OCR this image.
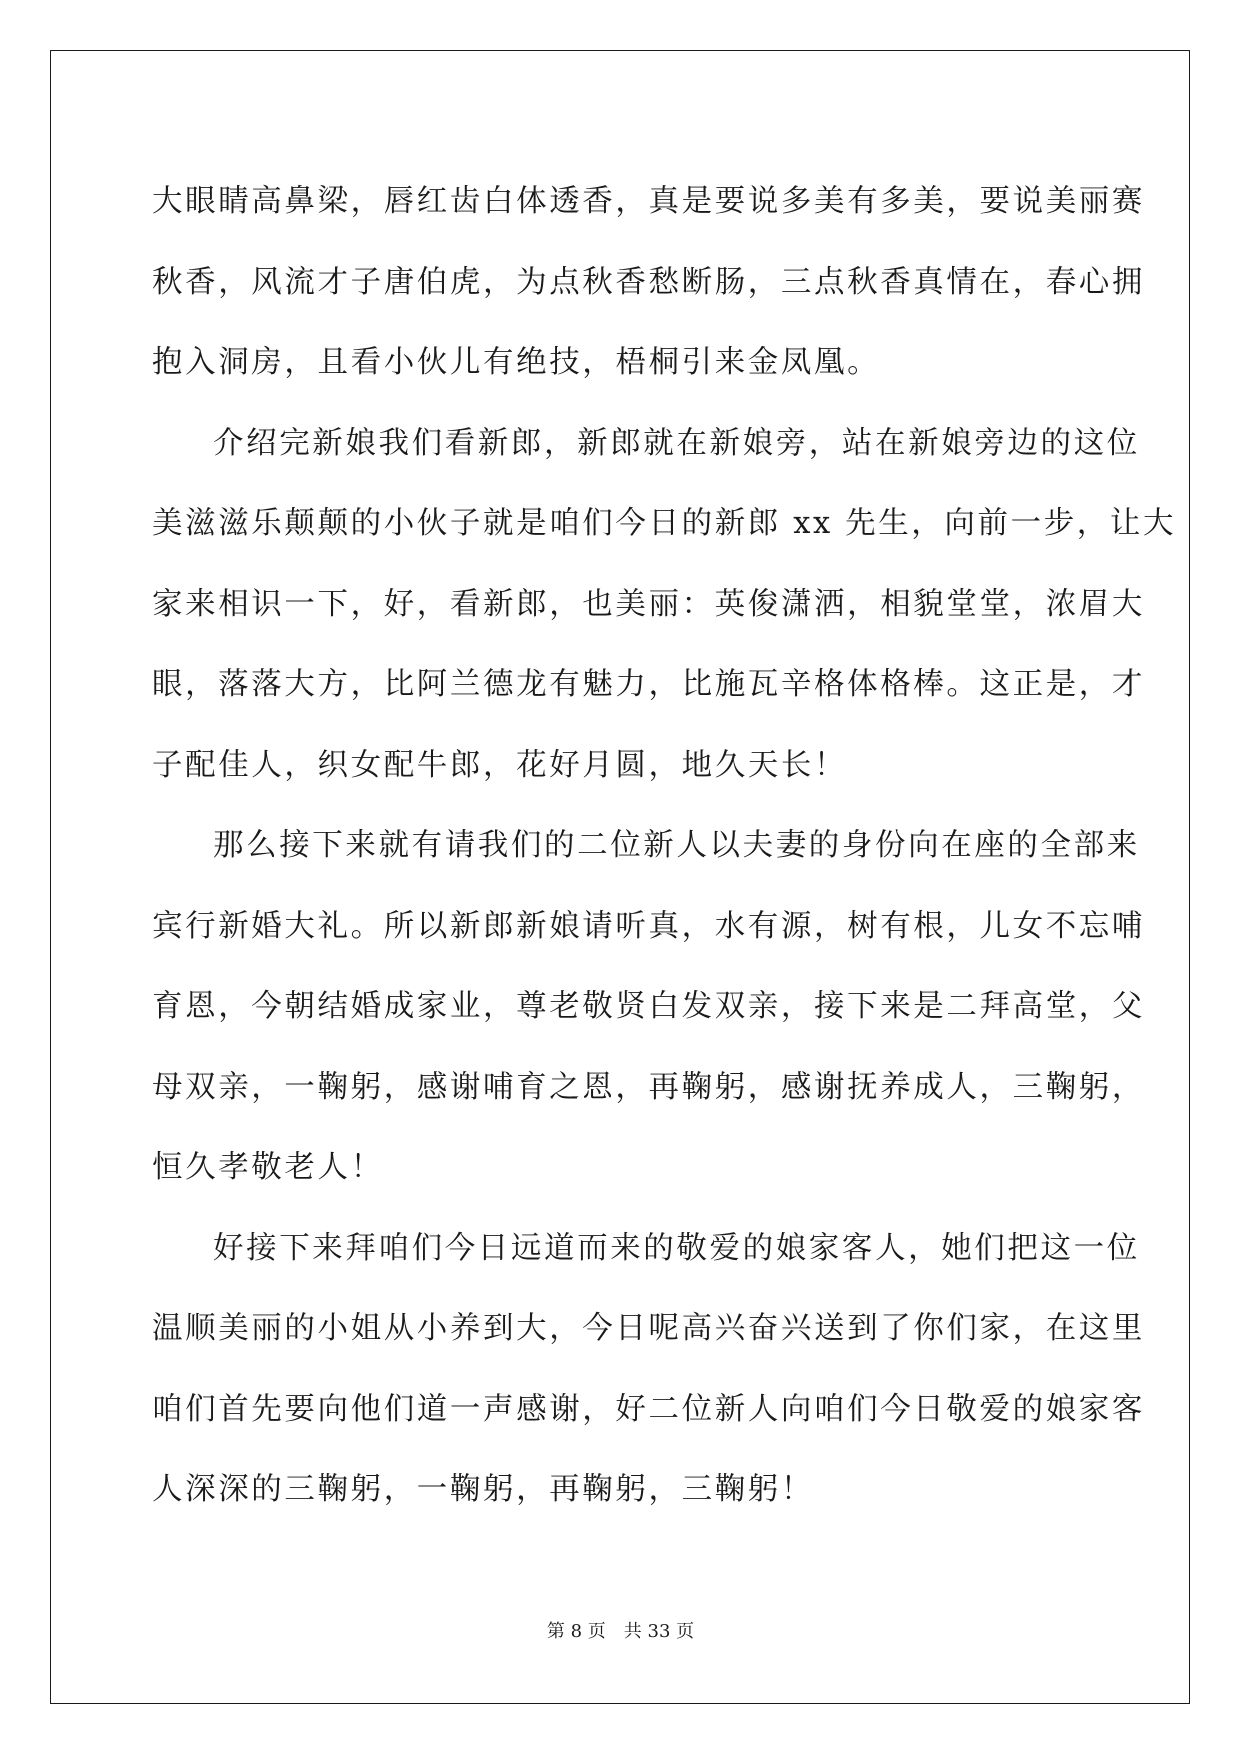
大眼睛高鼻梁，唇红齿白体透香，真是要说多美有多美，要说美丽赛
秋香，风流才子唐伯虎，为点秋香愁断肠，三点秋香真情在，春心拥
抱入洞房，且看小伙儿有绝技，梧桐引来金凤凰。

介绍完新娘我们看新郎，新郎就在新娘旁，站在新娘旁边的这位
美滋滋乐颠颠的小伙子就是咱们今日的新郎 xx 先生，向前一步，让大
家来相识一下，好，看新郎，也美丽：英俊潇洒，相貌堂堂，浓眉大
眼，落落大方，比阿兰德龙有魅力，比施瓦辛格体格棒。这正是，才
子配佳人，织女配牛郎，花好月圆，地久天长！

那么接下来就有请我们的二位新人以夫妻的身份向在座的全部来
宾行新婚大礼。所以新郎新娘请听真，水有源，树有根，儿女不忘哺
育恩，今朝结婚成家业，尊老敬贤白发双亲，接下来是二拜高堂，父
母双亲，一鞠躬，感谢哺育之恩，再鞠躬，感谢抚养成人，三鞠躬，
恒久孝敬老人！

好接下来拜咱们今日远道而来的敬爱的娘家客人，她们把这一位
温顺美丽的小姐从小养到大，今日呢高兴奋兴送到了你们家，在这里
咱们首先要向他们道一声感谢，好二位新人向咱们今日敬爱的娘家客
人深深的三鞠躬，一鞠躬，再鞠躬，三鞠躬！

第 8 页 共 33 页
